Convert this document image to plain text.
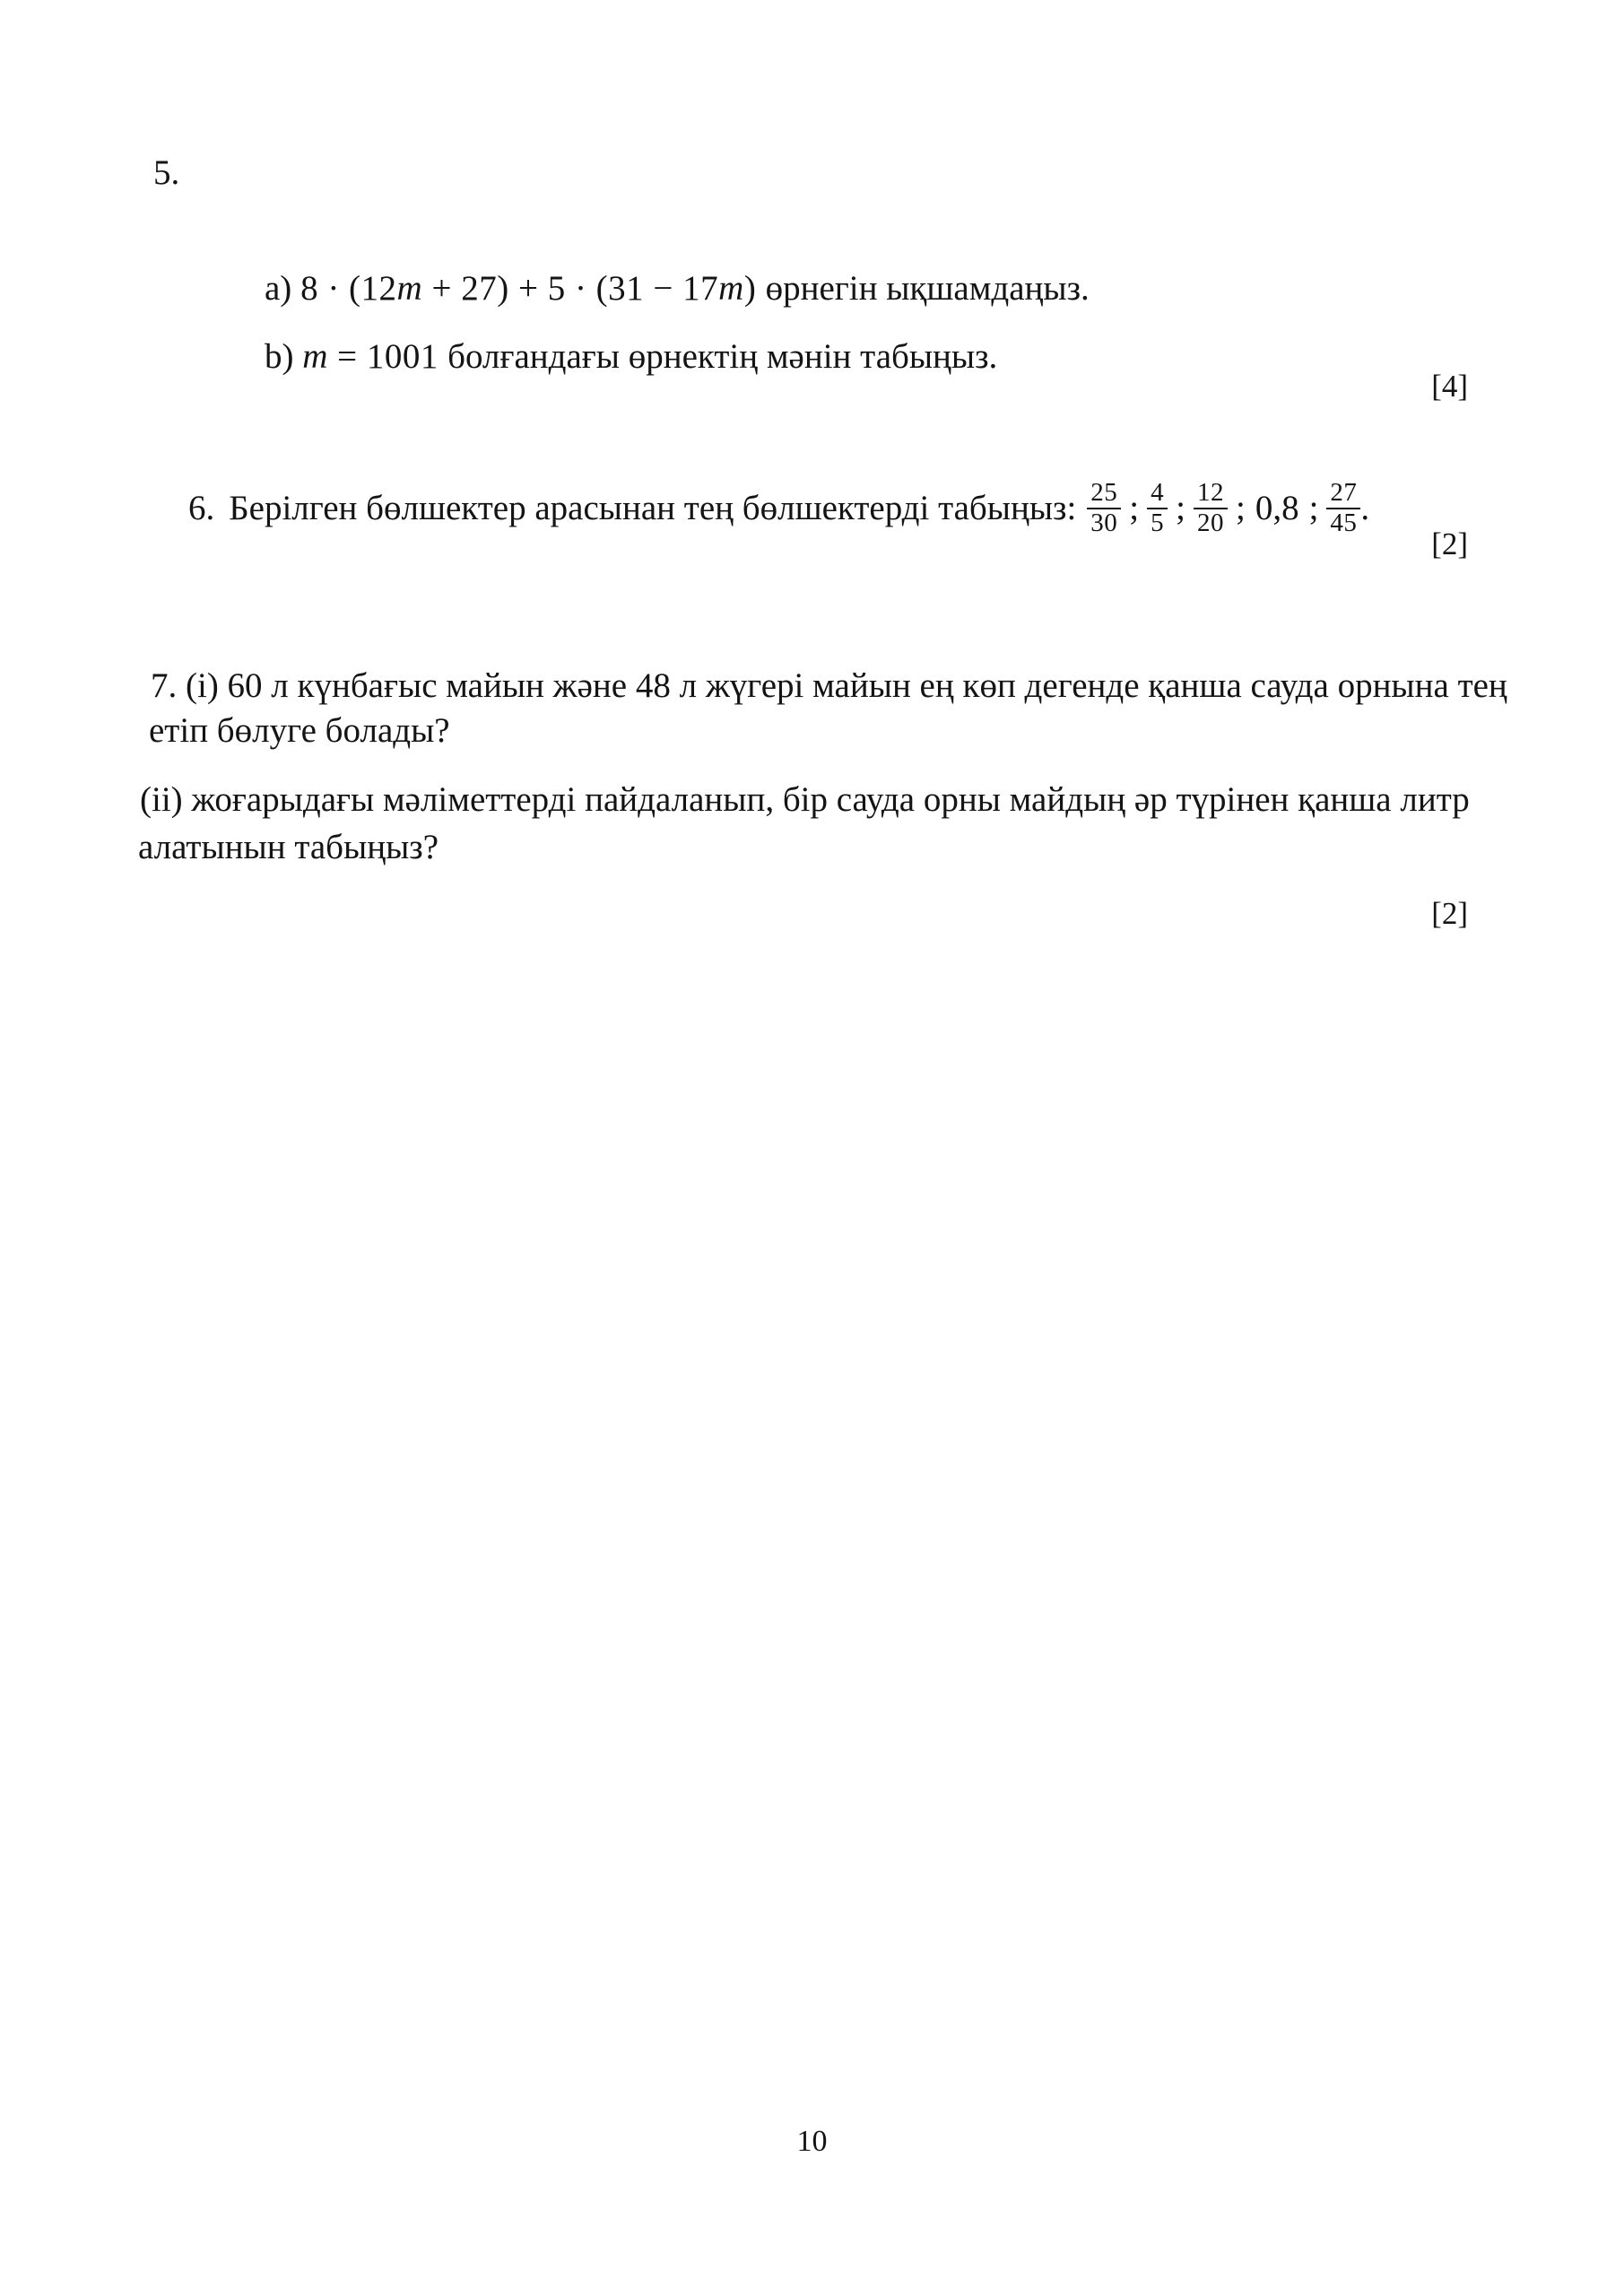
5.

a) 8 · (12m + 27) + 5 · (31 − 17m) өрнегін ықшамдаңыз.

b) m = 1001 болғандағы өрнектің мәнін табыңыз.

[4]

6. Берілген бөлшектер арасынан тең бөлшектерді табыңыз: $\frac{25}{30}$ ; $\frac{4}{5}$ ; $\frac{12}{20}$ ; 0,8 ; $\frac{27}{45}$ .

[2]
7. (i) 60 л күнбағыс майын және 48 л жүгері майын ең көп дегенде қанша сауда орнына тең
етіп бөлуге болады?
(ii) жоғарыдағы мәліметтерді пайдаланып, бір сауда орны майдың әр түрінен қанша литр
алатынын табыңыз?
[2]
10
